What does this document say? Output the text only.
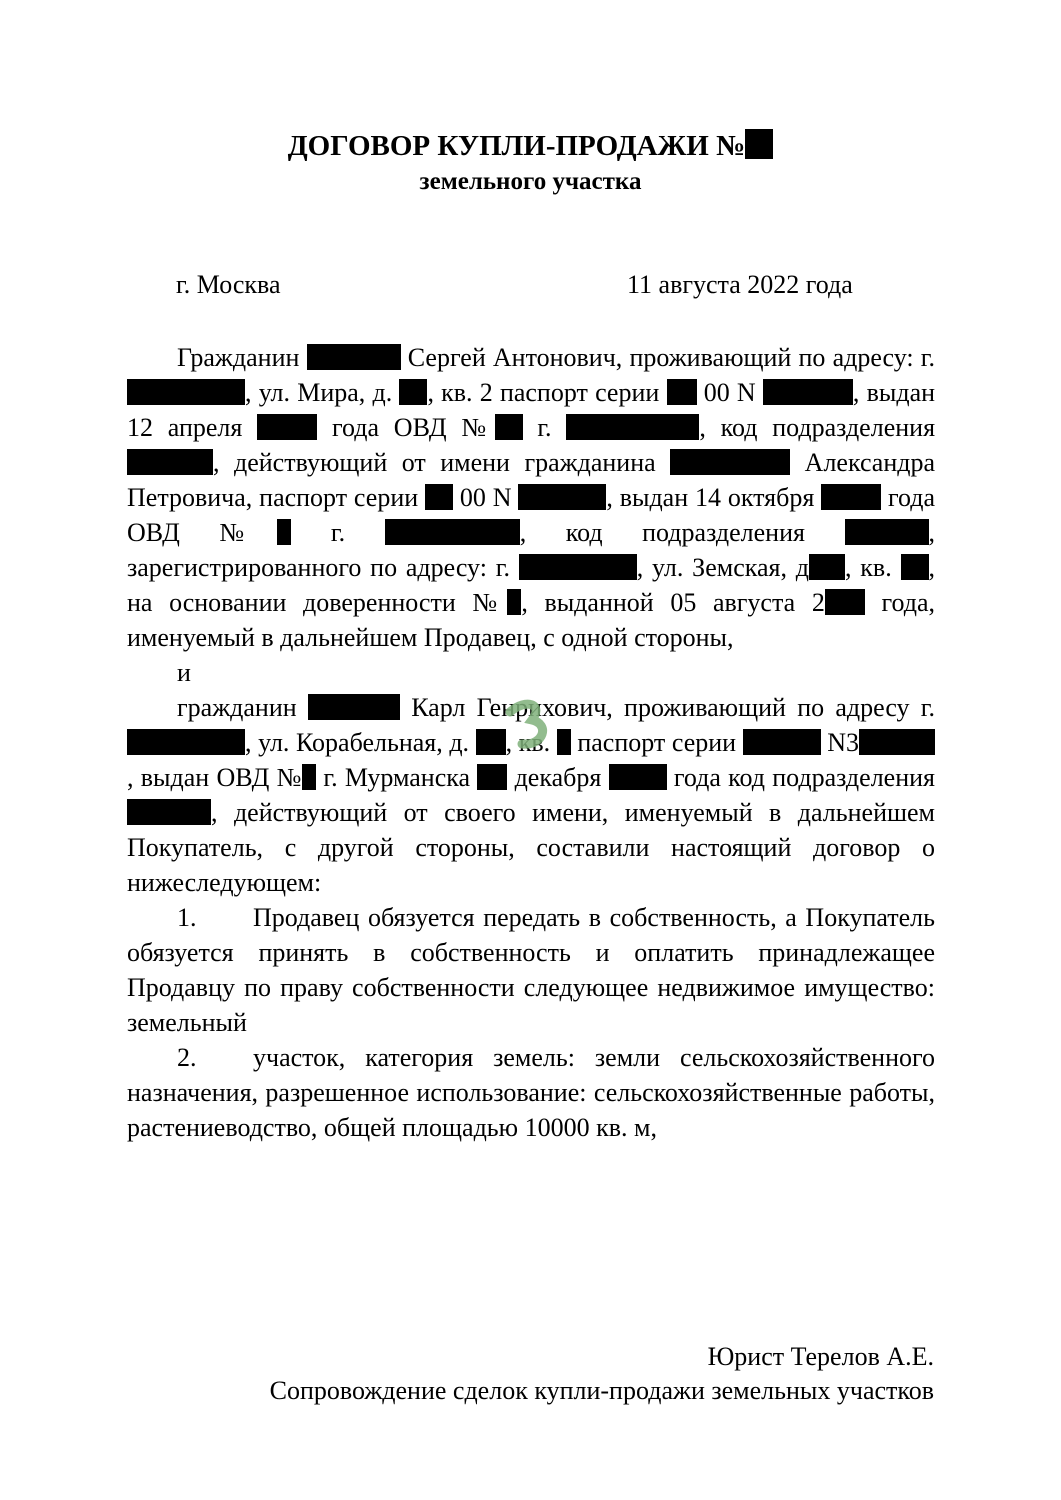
ДОГОВОР КУПЛИ-ПРОДАЖИ №
земельного участка
г. Москва	11 августа 2022 года

Гражданин	Сергей Антонович, проживающий по адресу: г. , ул. Мира, д. , кв. 2 паспорт серии 00 N	, выдан 12 апреля	года ОВД № г.	, код подразделения , действующий от имени гражданина	Александра Петровича, паспорт серии 00 N	, выдан 14 октября	года ОВД № г.	, код подразделения	, зарегистрированного по адресу: г.	, ул. Земская, д , кв. , на основании доверенности № , выданной 05 августа 2 года, именуемый в дальнейшем Продавец, с одной стороны,

и

гражданин	Карл Генрихович, проживающий по адресу г. , ул. Корабельная, д. , кв. паспорт серии	N3, выдан ОВД № г. Мурманска декабря	года код подразделения , действующий от своего имени, именуемый в дальнейшем Покупатель, с другой стороны, составили настоящий договор о нижеследующем:

1. Продавец обязуется передать в собственность, а Покупатель обязуется принять в собственность и оплатить принадлежащее Продавцу по праву собственности следующее недвижимое имущество: земельный

2. участок, категория земель: земли сельскохозяйственного назначения, разрешенное использование: сельскохозяйственные работы, растениеводство, общей площадью 10000 кв. м,

Юрист Терелов А.Е.
Сопровождение сделок купли-продажи земельных участков
